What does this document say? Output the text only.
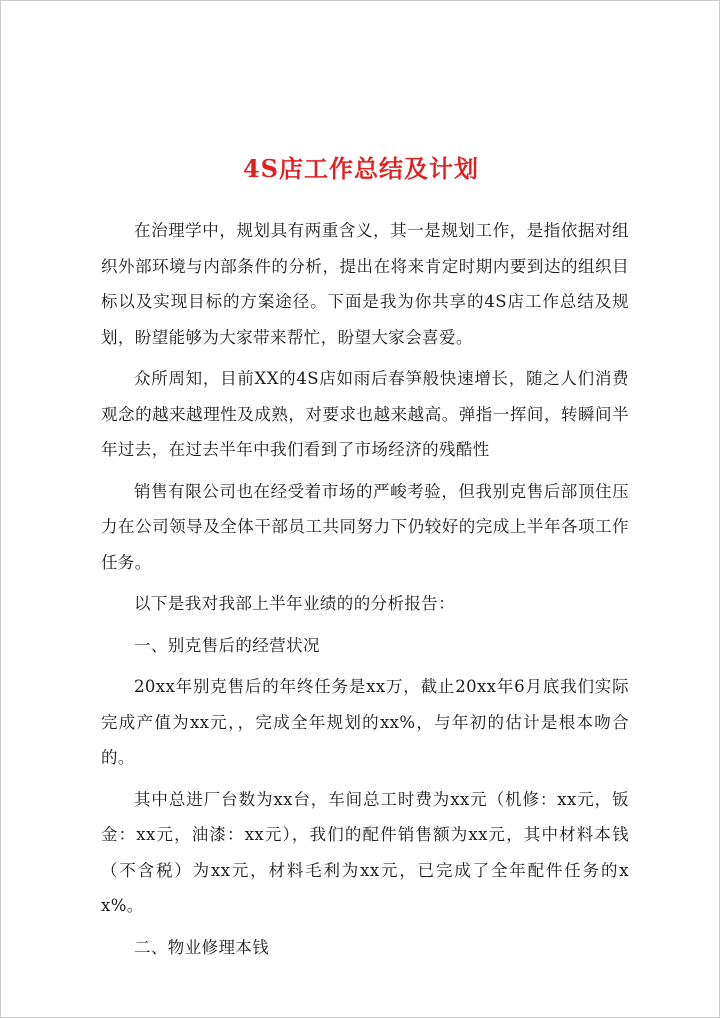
4S店工作总结及计划

在治理学中，规划具有两重含义，其一是规划工作，是指依据对组织外部环境与内部条件的分析，提出在将来肯定时期内要到达的组织目标以及实现目标的方案途径。下面是我为你共享的4S店工作总结及规划，盼望能够为大家带来帮忙，盼望大家会喜爱。

众所周知，目前XX的4S店如雨后春笋般快速增长，随之人们消费观念的越来越理性及成熟，对要求也越来越高。弹指一挥间，转瞬间半年过去，在过去半年中我们看到了市场经济的残酷性

销售有限公司也在经受着市场的严峻考验，但我别克售后部顶住压力在公司领导及全体干部员工共同努力下仍较好的完成上半年各项工作任务。

以下是我对我部上半年业绩的的分析报告：

一、别克售后的经营状况

20xx年别克售后的年终任务是xx万，截止20xx年6月底我们实际完成产值为xx元，，完成全年规划的xx%，与年初的估计是根本吻合的。

其中总进厂台数为xx台，车间总工时费为xx元（机修：xx元，钣金：xx元，油漆：xx元），我们的配件销售额为xx元，其中材料本钱（不含税）为xx元，材料毛利为xx元，已完成了全年配件任务的xx%。

二、物业修理本钱
